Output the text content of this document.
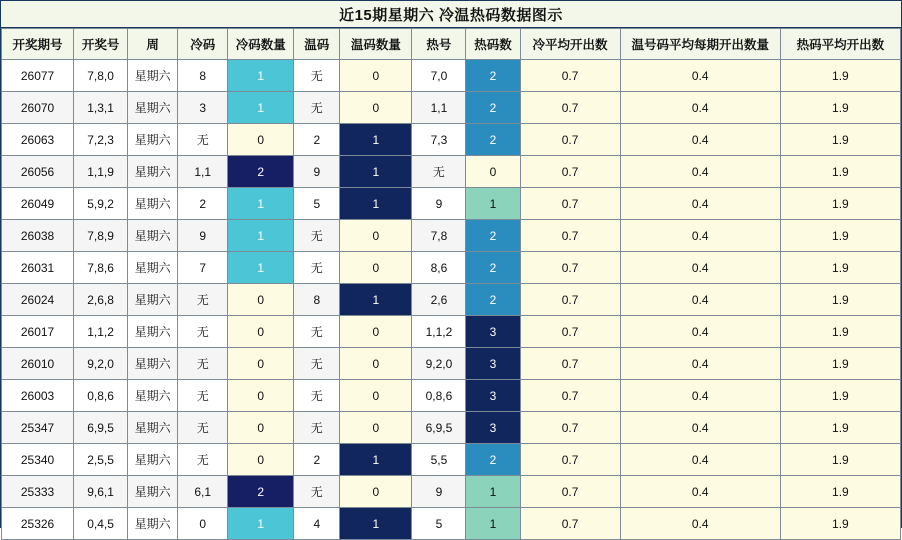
近15期星期六 冷温热码数据图示
开奖期号	开奖号	周	冷码	冷码数量	温码	温码数量	热号	热码数	冷平均开出数	温号码平均每期开出数量	热码平均开出数
26077	7,8,0	星期六	8	1	无	0	7,0	2	0.7	0.4	1.9
26070	1,3,1	星期六	3	1	无	0	1,1	2	0.7	0.4	1.9
26063	7,2,3	星期六	无	0	2	1	7,3	2	0.7	0.4	1.9
26056	1,1,9	星期六	1,1	2	9	1	无	0	0.7	0.4	1.9
26049	5,9,2	星期六	2	1	5	1	9	1	0.7	0.4	1.9
26038	7,8,9	星期六	9	1	无	0	7,8	2	0.7	0.4	1.9
26031	7,8,6	星期六	7	1	无	0	8,6	2	0.7	0.4	1.9
26024	2,6,8	星期六	无	0	8	1	2,6	2	0.7	0.4	1.9
26017	1,1,2	星期六	无	0	无	0	1,1,2	3	0.7	0.4	1.9
26010	9,2,0	星期六	无	0	无	0	9,2,0	3	0.7	0.4	1.9
26003	0,8,6	星期六	无	0	无	0	0,8,6	3	0.7	0.4	1.9
25347	6,9,5	星期六	无	0	无	0	6,9,5	3	0.7	0.4	1.9
25340	2,5,5	星期六	无	0	2	1	5,5	2	0.7	0.4	1.9
25333	9,6,1	星期六	6,1	2	无	0	9	1	0.7	0.4	1.9
25326	0,4,5	星期六	0	1	4	1	5	1	0.7	0.4	1.9
